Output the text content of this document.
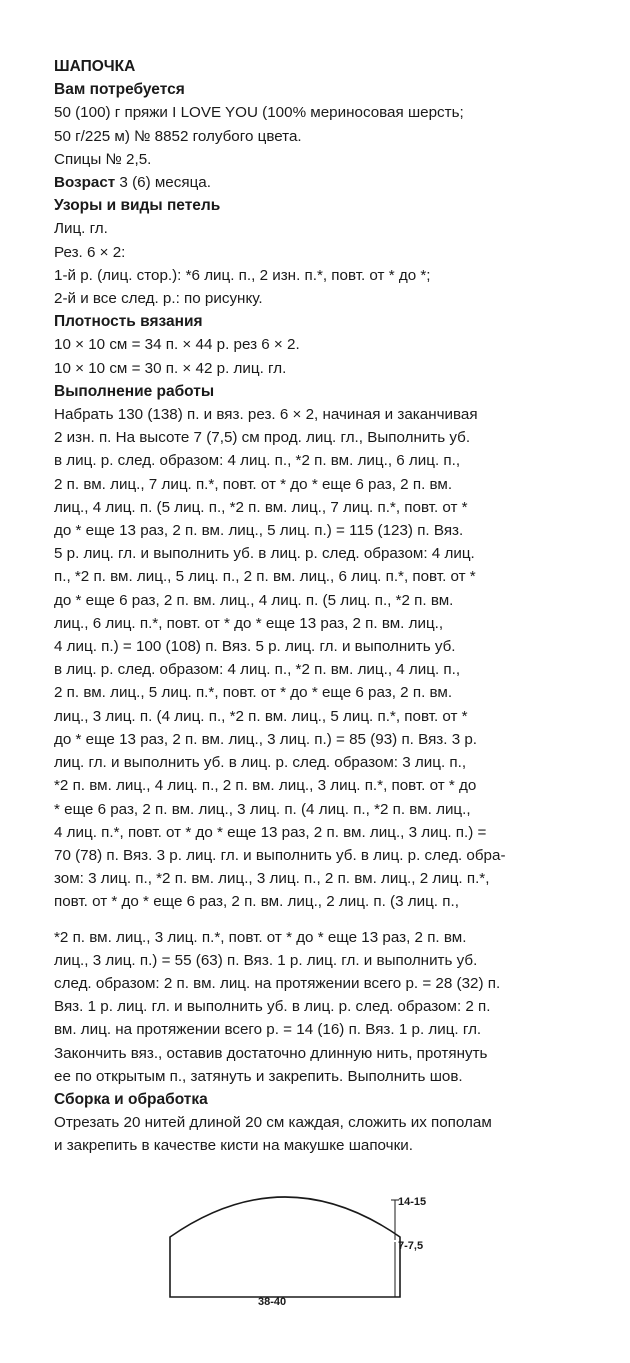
ШАПОЧКА
Вам потребуется
50 (100) г пряжи I LOVE YOU (100% мериносовая шерсть;
50 г/225 м) № 8852 голубого цвета.
Спицы № 2,5.
Возраст 3 (6) месяца.
Узоры и виды петель
Лиц. гл.
Рез. 6 × 2:
1-й р. (лиц. стор.): *6 лиц. п., 2 изн. п.*, повт. от * до *;
2-й и все след. р.: по рисунку.
Плотность вязания
10 × 10 см = 34 п. × 44 р. рез 6 × 2.
10 × 10 см = 30 п. × 42 р. лиц. гл.
Выполнение работы
Набрать 130 (138) п. и вяз. рез. 6 × 2, начиная и заканчивая
2 изн. п. На высоте 7 (7,5) см прод. лиц. гл., Выполнить уб.
в лиц. р. след. образом: 4 лиц. п., *2 п. вм. лиц., 6 лиц. п.,
2 п. вм. лиц., 7 лиц. п.*, повт. от * до * еще 6 раз, 2 п. вм.
лиц., 4 лиц. п. (5 лиц. п., *2 п. вм. лиц., 7 лиц. п.*, повт. от *
до * еще 13 раз, 2 п. вм. лиц., 5 лиц. п.) = 115 (123) п. Вяз.
5 р. лиц. гл. и выполнить уб. в лиц. р. след. образом: 4 лиц.
п., *2 п. вм. лиц., 5 лиц. п., 2 п. вм. лиц., 6 лиц. п.*, повт. от *
до * еще 6 раз, 2 п. вм. лиц., 4 лиц. п. (5 лиц. п., *2 п. вм.
лиц., 6 лиц. п.*, повт. от * до * еще 13 раз, 2 п. вм. лиц.,
4 лиц. п.) = 100 (108) п. Вяз. 5 р. лиц. гл. и выполнить уб.
в лиц. р. след. образом: 4 лиц. п., *2 п. вм. лиц., 4 лиц. п.,
2 п. вм. лиц., 5 лиц. п.*, повт. от * до * еще 6 раз, 2 п. вм.
лиц., 3 лиц. п. (4 лиц. п., *2 п. вм. лиц., 5 лиц. п.*, повт. от *
до * еще 13 раз, 2 п. вм. лиц., 3 лиц. п.) = 85 (93) п. Вяз. 3 р.
лиц. гл. и выполнить уб. в лиц. р. след. образом: 3 лиц. п.,
*2 п. вм. лиц., 4 лиц. п., 2 п. вм. лиц., 3 лиц. п.*, повт. от * до
* еще 6 раз, 2 п. вм. лиц., 3 лиц. п. (4 лиц. п., *2 п. вм. лиц.,
4 лиц. п.*, повт. от * до * еще 13 раз, 2 п. вм. лиц., 3 лиц. п.) =
70 (78) п. Вяз. 3 р. лиц. гл. и выполнить уб. в лиц. р. след. обра-
зом: 3 лиц. п., *2 п. вм. лиц., 3 лиц. п., 2 п. вм. лиц., 2 лиц. п.*,
повт. от * до * еще 6 раз, 2 п. вм. лиц., 2 лиц. п. (3 лиц. п.,
*2 п. вм. лиц., 3 лиц. п.*, повт. от * до * еще 13 раз, 2 п. вм.
лиц., 3 лиц. п.) = 55 (63) п. Вяз. 1 р. лиц. гл. и выполнить уб.
след. образом: 2 п. вм. лиц. на протяжении всего р. = 28 (32) п.
Вяз. 1 р. лиц. гл. и выполнить уб. в лиц. р. след. образом: 2 п.
вм. лиц. на протяжении всего р. = 14 (16) п. Вяз. 1 р. лиц. гл.
Закончить вяз., оставив достаточно длинную нить, протянуть
ее по открытым п., затянуть и закрепить. Выполнить шов.
Сборка и обработка
Отрезать 20 нитей длиной 20 см каждая, сложить их пополам
и закрепить в качестве кисти на макушке шапочки.
14-15
7-7,5
38-40
